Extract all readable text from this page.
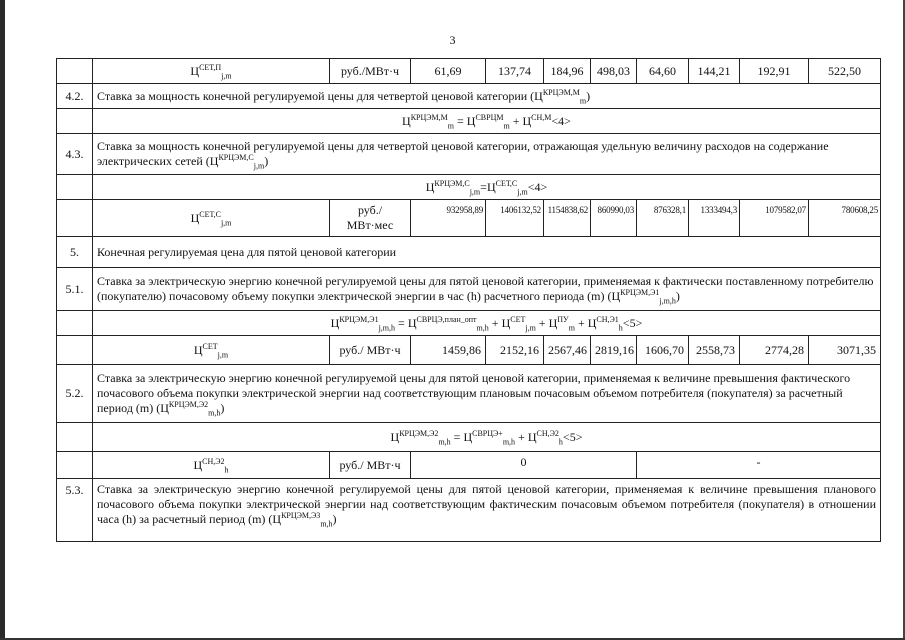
3
	$Ц^{СЕТ,П}_{j,m}$	руб./МВт·ч	61,69	137,74	184,96	498,03	64,60	144,21	192,91	522,50
4.2.	Ставка за мощность конечной регулируемой цены для четвертой ценовой категории $(Ц^{КРЦЭМ,М}_m)$									
	$Ц^{КРЦЭМ,М}_m = Ц^{СВРЦМ}_m + Ц^{СН,М}<4>$									
4.3.	Ставка за мощность конечной регулируемой цены для четвертой ценовой категории, отражающая удельную величину расходов на содержание электрических сетей $(Ц^{КРЦЭМ,С}_{j,m})$									
	$Ц^{КРЦЭМ,С}_{j,m}=Ц^{СЕТ,С}_{j,m}<4>$									
	$Ц^{СЕТ,С}_{j,m}$	руб./ МВт·мес	932958,89	1406132,52	1154838,62	860990,03	876328,1	1333494,3	1079582,07	780608,25
5.	Конечная регулируемая цена для пятой ценовой категории									
5.1.	Ставка за электрическую энергию конечной регулируемой цены для пятой ценовой категории, применяемая к фактически поставленному потребителю (покупателю) почасовому объему покупки электрической энергии в час (h) расчетного периода (m) $(Ц^{КРЦЭМ,Э1}_{j,m,h})$									
	$Ц^{КРЦЭМ,Э1}_{j,m,h} = Ц^{СВРЦЭ,план\_опт}_{m,h} + Ц^{СЕТ}_{j,m} + Ц^{ПУ}_m + Ц^{СН,Э1}_h<5>$									
	$Ц^{СЕТ}_{j,m}$	руб./ МВт·ч	1459,86	2152,16	2567,46	2819,16	1606,70	2558,73	2774,28	3071,35
5.2.	Ставка за электрическую энергию конечной регулируемой цены для пятой ценовой категории, применяемая к величине превышения фактического почасового объема покупки электрической энергии над соответствующим плановым почасовым объемом потребителя (покупателя) за расчетный период (m) $(Ц^{КРЦЭМ,Э2}_{m,h})$									
	$Ц^{КРЦЭМ,Э2}_{m,h} = Ц^{СВРЦЭ+}_{m,h} + Ц^{СН,Э2}_h<5>$									
	$Ц^{СН,Э2}_h$	руб./ МВт·ч	0				-			
5.3.	Ставка за электрическую энергию конечной регулируемой цены для пятой ценовой категории, применяемая к величине превышения планового почасового объема покупки электрической энергии над соответствующим фактическим почасовым объемом потребителя (покупателя) в отношении часа (h) за расчетный период (m) $(Ц^{КРЦЭМ,Э3}_{m,h})$									
